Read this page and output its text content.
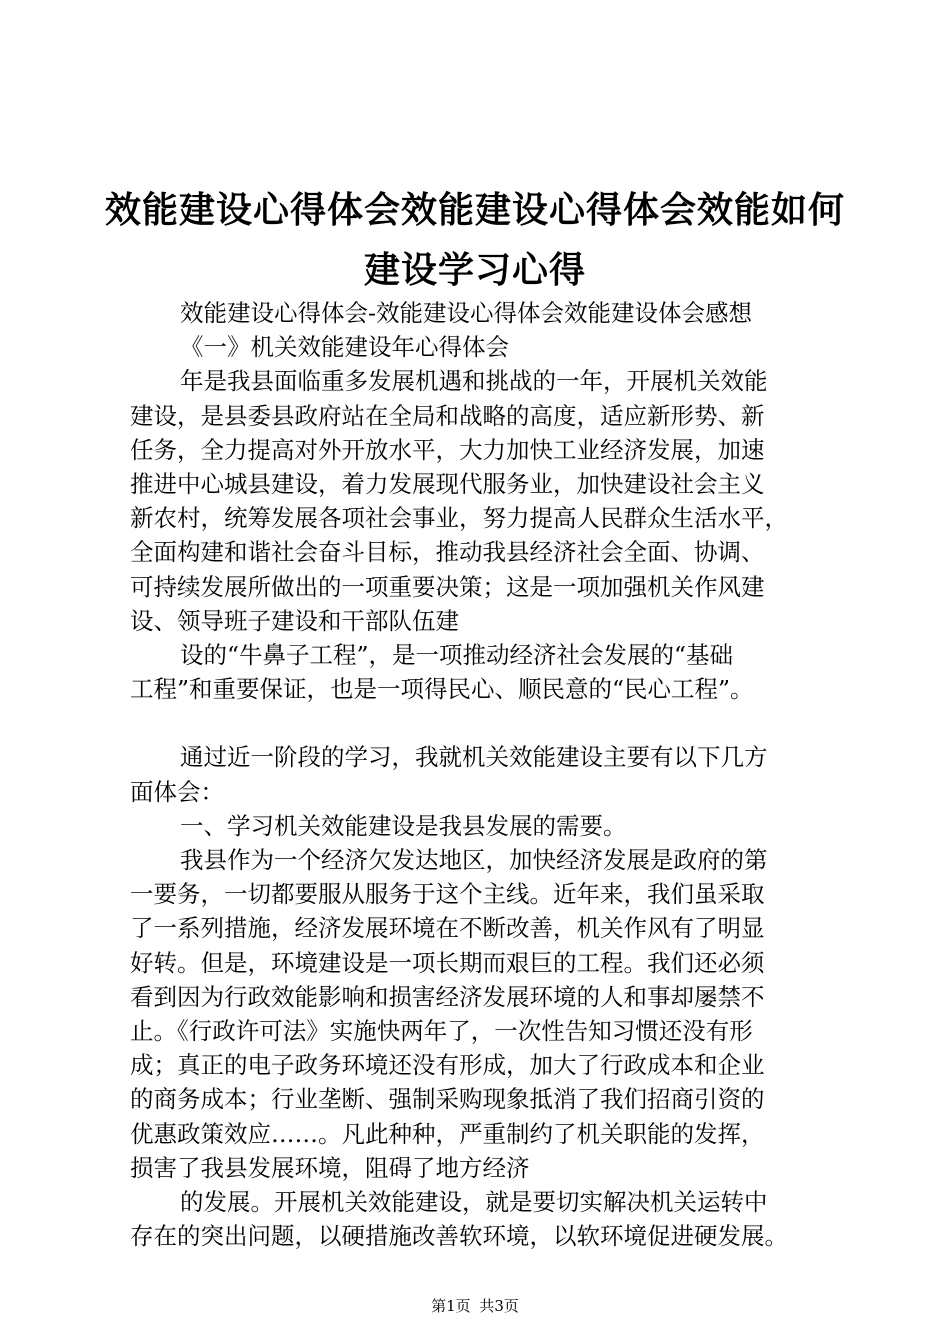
效能建设心得体会效能建设心得体会效能如何
建设学习心得
效能建设心得体会-效能建设心得体会效能建设体会感想
《一》机关效能建设年心得体会
年是我县面临重多发展机遇和挑战的一年，开展机关效能
建设，是县委县政府站在全局和战略的高度，适应新形势、新
任务，全力提高对外开放水平，大力加快工业经济发展，加速
推进中心城县建设，着力发展现代服务业，加快建设社会主义
新农村，统筹发展各项社会事业，努力提高人民群众生活水平，
全面构建和谐社会奋斗目标，推动我县经济社会全面、协调、
可持续发展所做出的一项重要决策；这是一项加强机关作风建
设、领导班子建设和干部队伍建
设的“牛鼻子工程”，是一项推动经济社会发展的“基础
工程”和重要保证，也是一项得民心、顺民意的“民心工程”。
通过近一阶段的学习，我就机关效能建设主要有以下几方
面体会：
一、学习机关效能建设是我县发展的需要。
我县作为一个经济欠发达地区，加快经济发展是政府的第
一要务，一切都要服从服务于这个主线。近年来，我们虽采取
了一系列措施，经济发展环境在不断改善，机关作风有了明显
好转。但是，环境建设是一项长期而艰巨的工程。我们还必须
看到因为行政效能影响和损害经济发展环境的人和事却屡禁不
止。《行政许可法》实施快两年了，一次性告知习惯还没有形
成；真正的电子政务环境还没有形成，加大了行政成本和企业
的商务成本；行业垄断、强制采购现象抵消了我们招商引资的
优惠政策效应……。凡此种种，严重制约了机关职能的发挥，
损害了我县发展环境，阻碍了地方经济
的发展。开展机关效能建设，就是要切实解决机关运转中
存在的突出问题，以硬措施改善软环境，以软环境促进硬发展。
第1页 共3页
